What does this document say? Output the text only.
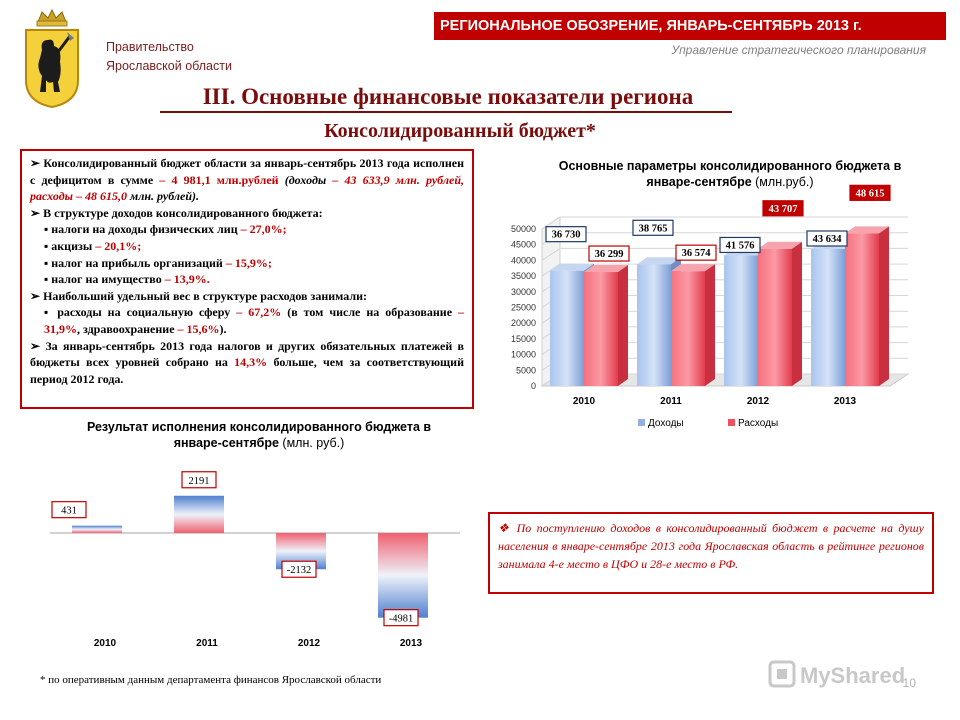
Правительство
Ярославской области
РЕГИОНАЛЬНОЕ ОБОЗРЕНИЕ, ЯНВАРЬ-СЕНТЯБРЬ 2013 г.
Управление стратегического планирования
III. Основные финансовые показатели региона
Консолидированный бюджет*

➢ Консолидированный бюджет области за январь-сентябрь 2013 года исполнен с дефицитом в сумме – 4 981,1 млн.рублей (доходы – 43 633,9 млн. рублей, расходы – 48 615,0 млн. рублей).

➢ В структуре доходов консолидированного бюджета:

▪ налоги на доходы физических лиц – 27,0%;

▪ акцизы – 20,1%;

▪ налог на прибыль организаций – 15,9%;

▪ налог на имущество – 13,9%.

➢ Наибольший удельный вес в структуре расходов занимали:

▪ расходы на социальную сферу – 67,2% (в том числе на образование – 31,9%, здравоохранение – 15,6%).

➢ За январь-сентябрь 2013 года налогов и других обязательных платежей в бюджеты всех уровней собрано на 14,3% больше, чем за соответствующий период 2012 года.

Основные параметры консолидированного бюджета в январе-сентябре (млн.руб.)
0
5000
10000
15000
20000
25000
30000
35000
40000
45000
50000
36 730
36 299
38 765
36 574
41 576
43 707
43 634
48 615
2010	2011	2012	2013
Доходы	Расходы
Результат исполнения консолидированного бюджета в январе-сентябре (млн. руб.)
431
2191
-2132
-4981
2010	2011	2012	2013
❖ По поступлению доходов в консолидированный бюджет в расчете на душу населения в январе-сентябре 2013 года Ярославская область в рейтинге регионов занимала 4-е место в ЦФО и 28-е место в РФ.
* по оперативным данным департамента финансов Ярославской области	MyShared
10
